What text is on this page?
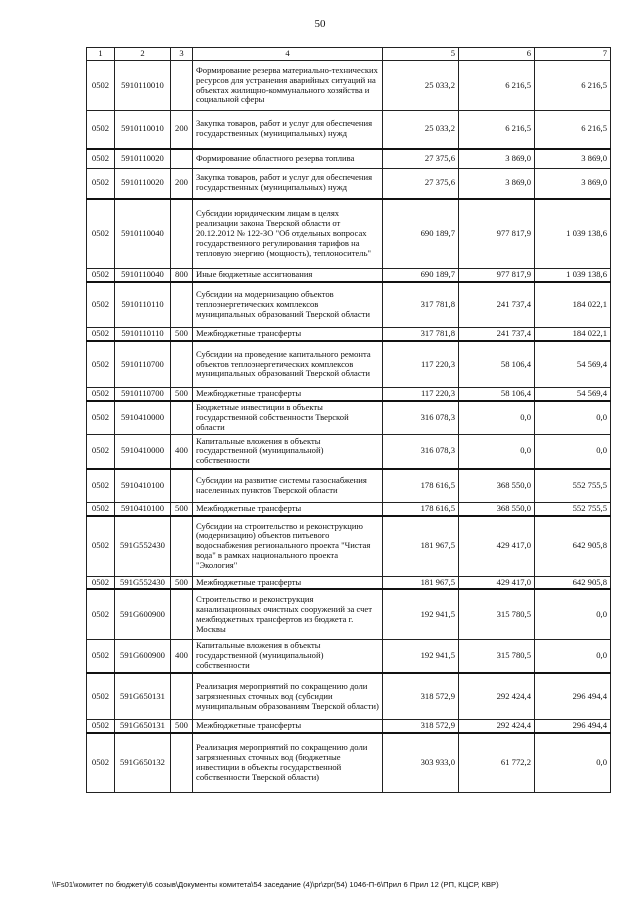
50
1	2	3	4	5	6	7
0502	5910110010		Формирование резерва материально-технических ресурсов для устранения аварийных ситуаций на объектах жилищно-коммунального хозяйства и социальной сферы	25 033,2	6 216,5	6 216,5
0502	5910110010	200	Закупка товаров, работ и услуг для обеспечения государственных (муниципальных) нужд	25 033,2	6 216,5	6 216,5
0502	5910110020		Формирование областного резерва топлива	27 375,6	3 869,0	3 869,0
0502	5910110020	200	Закупка товаров, работ и услуг для обеспечения государственных (муниципальных) нужд	27 375,6	3 869,0	3 869,0
0502	5910110040		Субсидии юридическим лицам в целях реализации закона Тверской области от 20.12.2012 № 122-ЗО "Об отдельных вопросах государственного регулирования тарифов на тепловую энергию (мощность), теплоноситель"	690 189,7	977 817,9	1 039 138,6
0502	5910110040	800	Иные бюджетные ассигнования	690 189,7	977 817,9	1 039 138,6
0502	5910110110		Субсидии на модернизацию объектов теплоэнергетических комплексов муниципальных образований Тверской области	317 781,8	241 737,4	184 022,1
0502	5910110110	500	Межбюджетные трансферты	317 781,8	241 737,4	184 022,1
0502	5910110700		Субсидии на проведение капитального ремонта объектов теплоэнергетических комплексов муниципальных образований Тверской области	117 220,3	58 106,4	54 569,4
0502	5910110700	500	Межбюджетные трансферты	117 220,3	58 106,4	54 569,4
0502	5910410000		Бюджетные инвестиции в объекты государственной собственности Тверской области	316 078,3	0,0	0,0
0502	5910410000	400	Капитальные вложения в объекты государственной (муниципальной) собственности	316 078,3	0,0	0,0
0502	5910410100		Субсидии на развитие системы газоснабжения населенных пунктов Тверской области	178 616,5	368 550,0	552 755,5
0502	5910410100	500	Межбюджетные трансферты	178 616,5	368 550,0	552 755,5
0502	591G552430		Субсидии на строительство и реконструкцию (модернизацию) объектов питьевого водоснабжения регионального проекта "Чистая вода" в рамках национального проекта "Экология"	181 967,5	429 417,0	642 905,8
0502	591G552430	500	Межбюджетные трансферты	181 967,5	429 417,0	642 905,8
0502	591G600900		Строительство и реконструкция канализационных очистных сооружений за счет межбюджетных трансфертов из бюджета г. Москвы	192 941,5	315 780,5	0,0
0502	591G600900	400	Капитальные вложения в объекты государственной (муниципальной) собственности	192 941,5	315 780,5	0,0
0502	591G650131		Реализация мероприятий по сокращению доли загрязненных сточных вод (субсидии муниципальным образованиям Тверской области)	318 572,9	292 424,4	296 494,4
0502	591G650131	500	Межбюджетные трансферты	318 572,9	292 424,4	296 494,4
0502	591G650132		Реализация мероприятий по сокращению доли загрязненных сточных вод (бюджетные инвестиции в объекты государственной собственности Тверской области)	303 933,0	61 772,2	0,0
\\Fs01\комитет по бюджету\6 созыв\Документы комитета\54 заседание (4)\pr\zpr(54) 1046-П-6\Прил 6 Прил 12 (РП, КЦСР, КВР)
